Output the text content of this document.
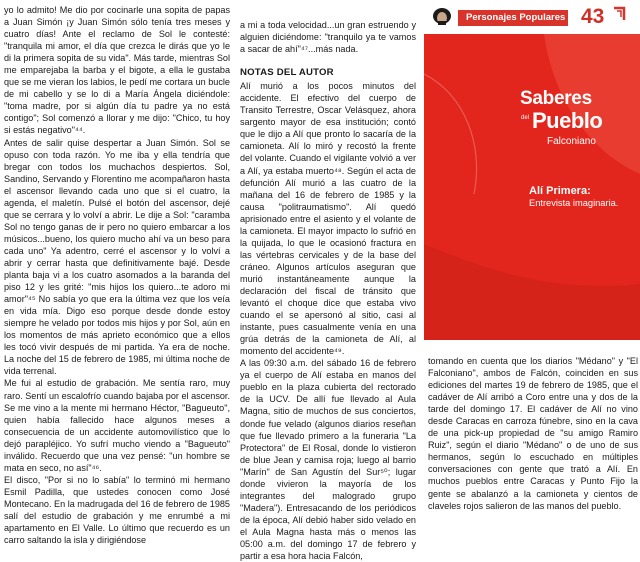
Personajes Populares 43
Saberes
del Pueblo
Falconiano
Alí Primera:
Entrevista imaginaria.

yo lo admito! Me dio por cocinarle una sopita de papas a Juan Simón ¡y Juan Simón sólo tenía tres meses y cuatro días! Ante el reclamo de Sol le contesté: "tranquila mi amor, el día que crezca le dirás que yo le di la primera sopita de su vida". Más tarde, mientras Sol me emparejaba la barba y el bigote, a ella le gustaba que se me vieran los labios, le pedí me cortara un bucle de mi cabello y se lo di a María Ángela diciéndole: "toma madre, por si algún día tu padre ya no está contigo"; Sol comenzó a llorar y me dijo: "Chico, tu hoy si estás negativo"⁴⁴.

Antes de salir quise despertar a Juan Simón. Sol se opuso con toda razón. Yo me iba y ella tendría que bregar con todos los muchachos despiertos. Sol, Sandino, Servando y Florentino me acompañaron hasta el ascensor llevando cada uno que si el cuatro, la agenda, el maletín. Pulsé el botón del ascensor, dejé que se cerrara y lo volví a abrir. Le dije a Sol: "caramba Sol no tengo ganas de ir pero no quiero embarcar a los músicos...bueno, los quiero mucho ahí va un beso para cada uno" Ya adentro, cerré el ascensor y lo volví a abrir y cerrar hasta que definitivamente bajé. Desde planta baja vi a los cuatro asomados a la baranda del piso 12 y les grité: "mis hijos los quiero...te adoro mi amor"⁴⁵ No sabía yo que era la última vez que los veía en vida mía. Digo eso porque desde donde estoy siempre he velado por todos mis hijos y por Sol, aún en los momentos de más aprieto económico que a ellos les tocó vivir después de mi partida. Ya era de noche. La noche del 15 de febrero de 1985, mi última noche de vida terrenal.

Me fui al estudio de grabación. Me sentía raro, muy raro. Sentí un escalofrío cuando bajaba por el ascensor. Se me vino a la mente mi hermano Héctor, "Bagueuto", quien había fallecido hace algunos meses a consecuencia de un accidente automovilístico que lo dejó parapléjico. Yo sufrí mucho viendo a "Bagueuto" inválido. Recuerdo que una vez pensé: "un hombre se mata en seco, no así"⁴⁶.

El disco, "Por si no lo sabía" lo terminó mi hermano Esmil Padilla, que ustedes conocen como José Montecano. En la madrugada del 16 de febrero de 1985 salí del estudio de grabación y me enrumbé a mi apartamento en El Valle. Lo último que recuerdo es un carro saltando la isla y dirigiéndose

a mi a toda velocidad...un gran estruendo y alguien diciéndome: "tranquilo ya te vamos a sacar de ahí"⁴⁷...más nada.

NOTAS DEL AUTOR

Alí murió a los pocos minutos del accidente. El efectivo del cuerpo de Transito Terrestre, Oscar Velásquez, ahora sargento mayor de esa institución; contó que le dijo a Alí que pronto lo sacaría de la camioneta. Alí lo miró y recostó la frente del volante. Cuando el vigilante volvió a ver a Alí, ya estaba muerto⁴⁸. Según el acta de defunción Alí murió a las cuatro de la mañana del 16 de febrero de 1985 y la causa "politraumatismo". Alí quedó aprisionado entre el asiento y el volante de la camioneta. El mayor impacto lo sufrió en la quijada, lo que le ocasionó fractura en las vértebras cervicales y de la base del cráneo. Algunos artículos aseguran que murió instantáneamente aunque la declaración del fiscal de tránsito que levantó el choque dice que estaba vivo cuando el se apersonó al sitio, casi al instante, pues casualmente venía en una grúa detrás de la camioneta de Alí, al momento del accidente⁴⁹.

A las 09:30 a.m. del sábado 16 de febrero ya el cuerpo de Alí estaba en manos del pueblo en la plaza cubierta del rectorado de la UCV. De allí fue llevado al Aula Magna, sitio de muchos de sus conciertos, donde fue velado (algunos diarios reseñan que fue llevado primero a la funeraria "La Protectora" de El Rosal, donde lo vistieron de blue Jean y camisa roja; luego al barrio "Marín" de San Agustín del Sur⁵⁰; lugar donde vivieron la mayoría de los integrantes del malogrado grupo "Madera"). Entresacando de los periódicos de la época, Alí debió haber sido velado en el Aula Magna hasta más o menos las 05:00 a.m. del domingo 17 de febrero y partir a esa hora hacia Falcón,

tomando en cuenta que los diarios "Médano" y "El Falconiano", ambos de Falcón, coinciden en sus ediciones del martes 19 de febrero de 1985, que el cadáver de Alí arribó a Coro entre una y dos de la tarde del domingo 17. El cadáver de Alí no vino desde Caracas en carroza fúnebre, sino en la cava de una pick-up propiedad de "su amigo Ramiro Ruiz", según el diario "Médano" o de uno de sus hermanos, según lo escuchado en múltiples conversaciones con gente que trató a Alí. En muchos pueblos entre Caracas y Punto Fijo la gente se abalanzó a la camioneta y cientos de claveles rojos salieron de las manos del pueblo.
